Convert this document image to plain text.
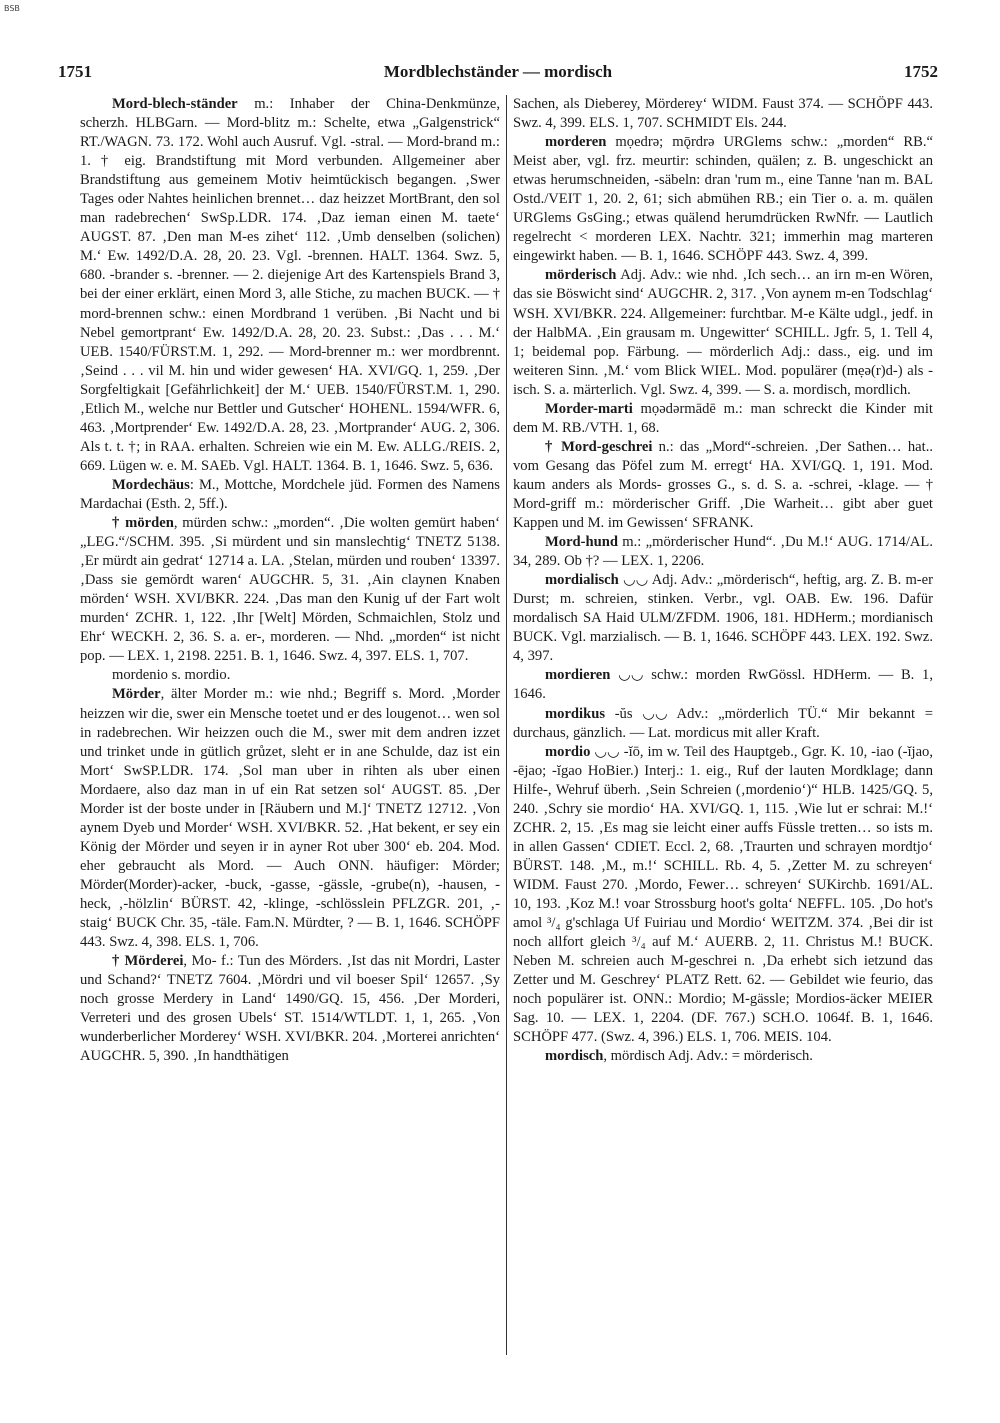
BSB
1751	Mordblechständer — mordisch	1752

Mord-blech-ständer m.: Inhaber der China-Denkmünze, scherzh. HLBGarn. — Mord-blitz m.: Schelte, etwa „Galgenstrick“ RT./WAGN. 73. 172. Wohl auch Ausruf. Vgl. -stral. — Mord-brand m.: 1. † eig. Brandstiftung mit Mord verbunden. Allgemeiner aber Brandstiftung aus gemeinem Motiv heimtückisch begangen. ‚Swer Tages oder Nahtes heinlichen brennet… daz heizzet MortBrant, den sol man radebrechen‘ SwSp.LDR. 174. ‚Daz ieman einen M. taete‘ AUGST. 87. ‚Den man M-es zihet‘ 112. ‚Umb denselben (solichen) M.‘ Ew. 1492/D.A. 28, 20. 23. Vgl. -brennen. HALT. 1364. Swz. 5, 680. -brander s. -brenner. — 2. diejenige Art des Kartenspiels Brand 3, bei der einer erklärt, einen Mord 3, alle Stiche, zu machen BUCK. — † mord-brennen schw.: einen Mordbrand 1 verüben. ‚Bi Nacht und bi Nebel gemortprant‘ Ew. 1492/D.A. 28, 20. 23. Subst.: ‚Das . . . M.‘ UEB. 1540/FÜRST.M. 1, 292. — Mord-brenner m.: wer mordbrennt. ‚Seind . . . vil M. hin und wider gewesen‘ HA. XVI/GQ. 1, 259. ‚Der Sorgfeltigkait [Gefährlichkeit] der M.‘ UEB. 1540/FÜRST.M. 1, 290. ‚Etlich M., welche nur Bettler und Gutscher‘ HOHENL. 1594/WFR. 6, 463. ‚Mortprender‘ Ew. 1492/D.A. 28, 23. ‚Mortprander‘ AUG. 2, 306. Als t. t. †; in RAA. erhalten. Schreien wie ein M. Ew. ALLG./REIS. 2, 669. Lügen w. e. M. SAEb. Vgl. HALT. 1364. B. 1, 1646. Swz. 5, 636.

Mordechäus: M., Mottche, Mordchele jüd. Formen des Namens Mardachai (Esth. 2, 5ff.).

† mörden, mürden schw.: „morden“. ‚Die wolten gemürt haben‘ „LEG.“/SCHM. 395. ‚Si mürdent und sin manslechtig‘ TNETZ 5138. ‚Er mürdt ain gedrat‘ 12714 a. LA. ‚Stelan, mürden und rouben‘ 13397. ‚Dass sie gemördt waren‘ AUGCHR. 5, 31. ‚Ain claynen Knaben mörden‘ WSH. XVI/BKR. 224. ‚Das man den Kunig uf der Fart wolt murden‘ ZCHR. 1, 122. ‚Ihr [Welt] Mörden, Schmaichlen, Stolz und Ehr‘ WECKH. 2, 36. S. a. er-, morderen. — Nhd. „morden“ ist nicht pop. — LEX. 1, 2198. 2251. B. 1, 1646. Swz. 4, 397. ELS. 1, 707.

mordenio s. mordio.

Mörder, älter Morder m.: wie nhd.; Begriff s. Mord. ‚Morder heizzen wir die, swer ein Mensche toetet und er des lougenot… wen sol in radebrechen. Wir heizzen ouch die M., swer mit dem andren izzet und trinket unde in gütlich grůzet, sleht er in ane Schulde, daz ist ein Mort‘ SwSP.LDR. 174. ‚Sol man uber in rihten als uber einen Mordaere, also daz man in uf ein Rat setzen sol‘ AUGST. 85. ‚Der Morder ist der boste under in [Räubern und M.]‘ TNETZ 12712. ‚Von aynem Dyeb und Morder‘ WSH. XVI/BKR. 52. ‚Hat bekent, er sey ein König der Mörder und seyen ir in ayner Rot uber 300‘ eb. 204. Mod. eher gebraucht als Mord. — Auch ONN. häufiger: Mörder; Mörder(Morder)-acker, -buck, -gasse, -gässle, -grube(n), -hausen, -heck, ‚-hölzlin‘ BÜRST. 42, -klinge, -schlösslein PFLZGR. 201, ‚-staig‘ BUCK Chr. 35, -täle. Fam.N. Mürdter, ? — B. 1, 1646. SCHÖPF 443. Swz. 4, 398. ELS. 1, 706.

† Mörderei, Mo- f.: Tun des Mörders. ‚Ist das nit Mordri, Laster und Schand?‘ TNETZ 7604. ‚Mördri und vil boeser Spil‘ 12657. ‚Sy noch grosse Merdery in Land‘ 1490/GQ. 15, 456. ‚Der Morderi, Verreteri und des grosen Ubels‘ ST. 1514/WTLDT. 1, 1, 265. ‚Von wunderberlicher Morderey‘ WSH. XVI/BKR. 204. ‚Morterei anrichten‘ AUGCHR. 5, 390. ‚In handthätigen

Sachen, als Dieberey, Mörderey‘ WIDM. Faust 374. — SCHÖPF 443. Swz. 4, 399. ELS. 1, 707. SCHMIDT Els. 244.

morderen mọedrə; mǭrdrə URGlems schw.: „morden“ RB.“ Meist aber, vgl. frz. meurtir: schinden, quälen; z. B. ungeschickt an etwas herumschneiden, -säbeln: dran 'rum m., eine Tanne 'nan m. BAL Ostd./VEIT 1, 20. 2, 61; sich abmühen RB.; ein Tier o. a. m. quälen URGlems GsGing.; etwas quälend herumdrücken RwNfr. — Lautlich regelrecht < morderen LEX. Nachtr. 321; immerhin mag marteren eingewirkt haben. — B. 1, 1646. SCHÖPF 443. Swz. 4, 399.

mörderisch Adj. Adv.: wie nhd. ‚Ich sech… an irn m-en Wören, das sie Böswicht sind‘ AUGCHR. 2, 317. ‚Von aynem m-en Todschlag‘ WSH. XVI/BKR. 224. Allgemeiner: furchtbar. M-e Kälte udgl., jedf. in der HalbMA. ‚Ein grausam m. Ungewitter‘ SCHILL. Jgfr. 5, 1. Tell 4, 1; beidemal pop. Färbung. — mörderlich Adj.: dass., eig. und im weiteren Sinn. ‚M.‘ vom Blick WIEL. Mod. populärer (mẹə(r)d-) als -isch. S. a. märterlich. Vgl. Swz. 4, 399. — S. a. mordisch, mordlich.

Morder-marti mọədərmādē m.: man schreckt die Kinder mit dem M. RB./VTH. 1, 68.

† Mord-geschrei n.: das „Mord“-schreien. ‚Der Sathen… hat.. vom Gesang das Pöfel zum M. erregt‘ HA. XVI/GQ. 1, 191. Mod. kaum anders als Mords- grosses G., s. d. S. a. -schrei, -klage. — † Mord-griff m.: mörderischer Griff. ‚Die Warheit… gibt aber guet Kappen und M. im Gewissen‘ SFRANK.

Mord-hund m.: „mörderischer Hund“. ‚Du M.!‘ AUG. 1714/AL. 34, 289. Ob †? — LEX. 1, 2206.

mordialisch ◡◡ Adj. Adv.: „mörderisch“, heftig, arg. Z. B. m-er Durst; m. schreien, stinken. Verbr., vgl. OAB. Ew. 196. Dafür mordalisch SA Haid ULM/ZFDM. 1906, 181. HDHerm.; mordianisch BUCK. Vgl. marzialisch. — B. 1, 1646. SCHÖPF 443. LEX. 192. Swz. 4, 397.

mordieren ◡◡ schw.: morden RwGössl. HDHerm. — B. 1, 1646.

mordikus -ŭs ◡◡ Adv.: „mörderlich TÜ.“ Mir bekannt = durchaus, gänzlich. — Lat. mordicus mit aller Kraft.

mordio ◡◡ -ĭō, im w. Teil des Hauptgeb., Ggr. K. 10, -iao (-ĭjao, -ējao; -ĭgao HoBier.) Interj.: 1. eig., Ruf der lauten Mordklage; dann Hilfe-, Wehruf überh. ‚Sein Schreien (‚mordenio‘)“ HLB. 1425/GQ. 5, 240. ‚Schry sie mordio‘ HA. XVI/GQ. 1, 115. ‚Wie lut er schrai: M.!‘ ZCHR. 2, 15. ‚Es mag sie leicht einer auffs Füssle tretten… so ists m. in allen Gassen‘ CDIET. Eccl. 2, 68. ‚Traurten und schrayen mordtjo‘ BÜRST. 148. ‚M., m.!‘ SCHILL. Rb. 4, 5. ‚Zetter M. zu schreyen‘ WIDM. Faust 270. ‚Mordo, Fewer… schreyen‘ SUKirchb. 1691/AL. 10, 193. ‚Koz M.! voar Strossburg hoot's golta‘ NEFFL. 105. ‚Do hot's amol ³/₄ g'schlaga Uf Fuiriau und Mordio‘ WEITZM. 374. ‚Bei dir ist noch allfort gleich ³/₄ auf M.‘ AUERB. 2, 11. Christus M.! BUCK. Neben M. schreien auch M-geschrei n. ‚Da erhebt sich ietzund das Zetter und M. Geschrey‘ PLATZ Rett. 62. — Gebildet wie feurio, das noch populärer ist. ONN.: Mordio; M-gässle; Mordios-äcker MEIER Sag. 10. — LEX. 1, 2204. (DF. 767.) SCH.O. 1064f. B. 1, 1646. SCHÖPF 477. (Swz. 4, 396.) ELS. 1, 706. MEIS. 104.

mordisch, mördisch Adj. Adv.: = mörderisch.
